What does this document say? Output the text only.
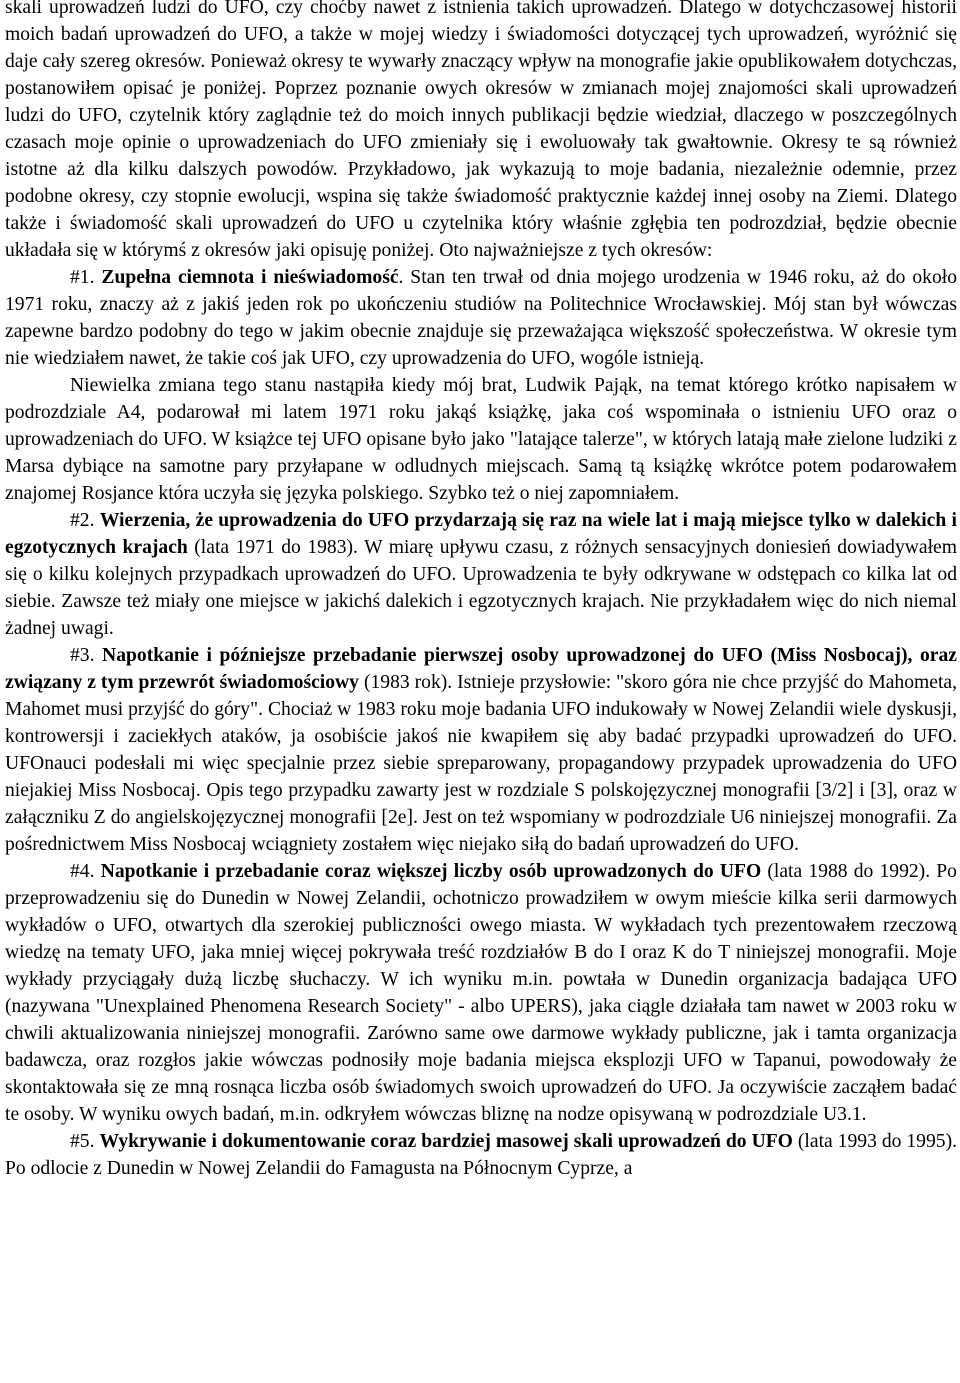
skali uprowadzeń ludzi do UFO, czy choćby nawet z istnienia takich uprowadzeń. Dlatego w dotychczasowej historii moich badań uprowadzeń do UFO, a także w mojej wiedzy i świadomości dotyczącej tych uprowadzeń, wyróżnić się daje cały szereg okresów. Ponieważ okresy te wywarły znaczący wpływ na monografie jakie opublikowałem dotychczas, postanowiłem opisać je poniżej. Poprzez poznanie owych okresów w zmianach mojej znajomości skali uprowadzeń ludzi do UFO, czytelnik który zaglądnie też do moich innych publikacji będzie wiedział, dlaczego w poszczególnych czasach moje opinie o uprowadzeniach do UFO zmieniały się i ewoluowały tak gwałtownie. Okresy te są również istotne aż dla kilku dalszych powodów. Przykładowo, jak wykazują to moje badania, niezależnie odemnie, przez podobne okresy, czy stopnie ewolucji, wspina się także świadomość praktycznie każdej innej osoby na Ziemi. Dlatego także i świadomość skali uprowadzeń do UFO u czytelnika który właśnie zgłębia ten podrozdział, będzie obecnie układała się w którymś z okresów jaki opisuję poniżej. Oto najważniejsze z tych okresów:
#1. Zupełna ciemnota i nieświadomość. Stan ten trwał od dnia mojego urodzenia w 1946 roku, aż do około 1971 roku, znaczy aż z jakiś jeden rok po ukończeniu studiów na Politechnice Wrocławskiej. Mój stan był wówczas zapewne bardzo podobny do tego w jakim obecnie znajduje się przeważająca większość społeczeństwa. W okresie tym nie wiedziałem nawet, że takie coś jak UFO, czy uprowadzenia do UFO, wogóle istnieją.
Niewielka zmiana tego stanu nastąpiła kiedy mój brat, Ludwik Pająk, na temat którego krótko napisałem w podrozdziale A4, podarował mi latem 1971 roku jakąś książkę, jaka coś wspominała o istnieniu UFO oraz o uprowadzeniach do UFO. W książce tej UFO opisane było jako "latające talerze", w których latają małe zielone ludziki z Marsa dybiące na samotne pary przyłapane w odludnych miejscach. Samą tą książkę wkrótce potem podarowałem znajomej Rosjance która uczyła się języka polskiego. Szybko też o niej zapomniałem.
#2. Wierzenia, że uprowadzenia do UFO przydarzają się raz na wiele lat i mają miejsce tylko w dalekich i egzotycznych krajach (lata 1971 do 1983). W miarę upływu czasu, z różnych sensacyjnych doniesień dowiadywałem się o kilku kolejnych przypadkach uprowadzeń do UFO. Uprowadzenia te były odkrywane w odstępach co kilka lat od siebie. Zawsze też miały one miejsce w jakichś dalekich i egzotycznych krajach. Nie przykładałem więc do nich niemal żadnej uwagi.
#3. Napotkanie i późniejsze przebadanie pierwszej osoby uprowadzonej do UFO (Miss Nosbocaj), oraz związany z tym przewrót świadomościowy (1983 rok). Istnieje przysłowie: "skoro góra nie chce przyjść do Mahometa, Mahomet musi przyjść do góry". Chociaż w 1983 roku moje badania UFO indukowały w Nowej Zelandii wiele dyskusji, kontrowersji i zaciekłych ataków, ja osobiście jakoś nie kwapiłem się aby badać przypadki uprowadzeń do UFO. UFOnauci podesłali mi więc specjalnie przez siebie spreparowany, propagandowy przypadek uprowadzenia do UFO niejakiej Miss Nosbocaj. Opis tego przypadku zawarty jest w rozdziale S polskojęzycznej monografii [3/2] i [3], oraz w załączniku Z do angielskojęzycznej monografii [2e]. Jest on też wspomiany w podrozdziale U6 niniejszej monografii. Za pośrednictwem Miss Nosbocaj wciągniety zostałem więc niejako siłą do badań uprowadzeń do UFO.
#4. Napotkanie i przebadanie coraz większej liczby osób uprowadzonych do UFO (lata 1988 do 1992). Po przeprowadzeniu się do Dunedin w Nowej Zelandii, ochotniczo prowadziłem w owym mieście kilka serii darmowych wykładów o UFO, otwartych dla szerokiej publiczności owego miasta. W wykładach tych prezentowałem rzeczową wiedzę na tematy UFO, jaka mniej więcej pokrywała treść rozdziałów B do I oraz K do T niniejszej monografii. Moje wykłady przyciągały dużą liczbę słuchaczy. W ich wyniku m.in. powtała w Dunedin organizacja badająca UFO (nazywana "Unexplained Phenomena Research Society" - albo UPERS), jaka ciągle działała tam nawet w 2003 roku w chwili aktualizowania niniejszej monografii. Zarówno same owe darmowe wykłady publiczne, jak i tamta organizacja badawcza, oraz rozgłos jakie wówczas podnosiły moje badania miejsca eksplozji UFO w Tapanui, powodowały że skontaktowała się ze mną rosnąca liczba osób świadomych swoich uprowadzeń do UFO. Ja oczywiście zacząłem badać te osoby. W wyniku owych badań, m.in. odkryłem wówczas bliznę na nodze opisywaną w podrozdziale U3.1.
#5. Wykrywanie i dokumentowanie coraz bardziej masowej skali uprowadzeń do UFO (lata 1993 do 1995). Po odlocie z Dunedin w Nowej Zelandii do Famagusta na Północnym Cyprze, a
